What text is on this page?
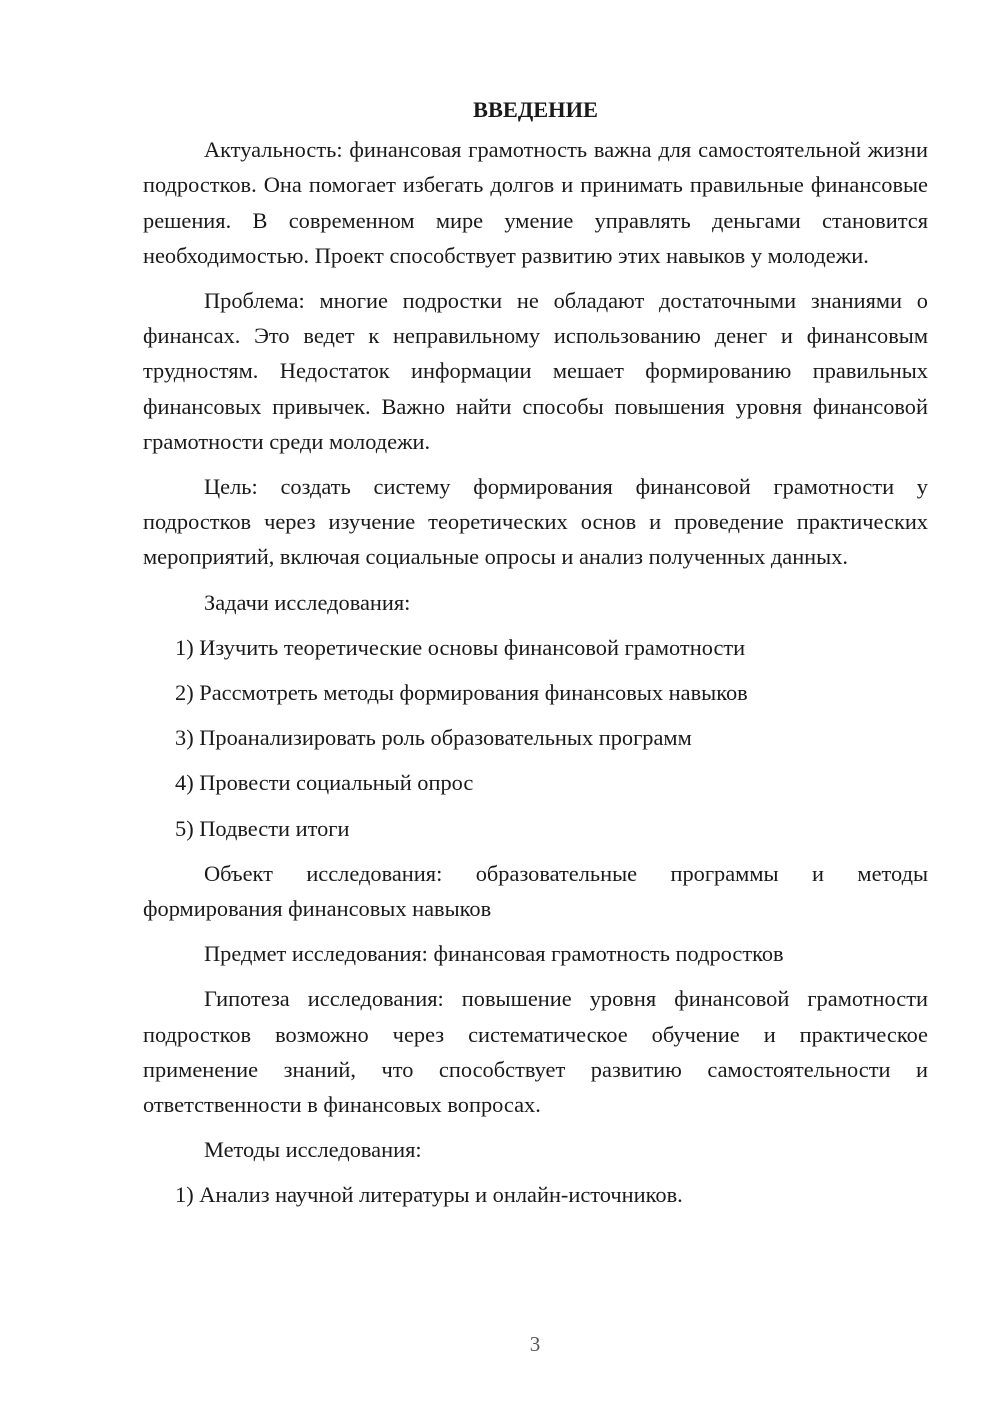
ВВЕДЕНИЕ

Актуальность: финансовая грамотность важна для самостоятельной жизни подростков. Она помогает избегать долгов и принимать правильные финансовые решения. В современном мире умение управлять деньгами становится необходимостью. Проект способствует развитию этих навыков у молодежи.

Проблема: многие подростки не обладают достаточными знаниями о финансах. Это ведет к неправильному использованию денег и финансовым трудностям. Недостаток информации мешает формированию правильных финансовых привычек. Важно найти способы повышения уровня финансовой грамотности среди молодежи.

Цель: создать систему формирования финансовой грамотности у подростков через изучение теоретических основ и проведение практических мероприятий, включая социальные опросы и анализ полученных данных.

Задачи исследования:

1) Изучить теоретические основы финансовой грамотности

2) Рассмотреть методы формирования финансовых навыков

3) Проанализировать роль образовательных программ

4) Провести социальный опрос

5) Подвести итоги

Объект исследования: образовательные программы и методы формирования финансовых навыков

Предмет исследования: финансовая грамотность подростков

Гипотеза исследования: повышение уровня финансовой грамотности подростков возможно через систематическое обучение и практическое применение знаний, что способствует развитию самостоятельности и ответственности в финансовых вопросах.

Методы исследования:

1) Анализ научной литературы и онлайн-источников.

3
